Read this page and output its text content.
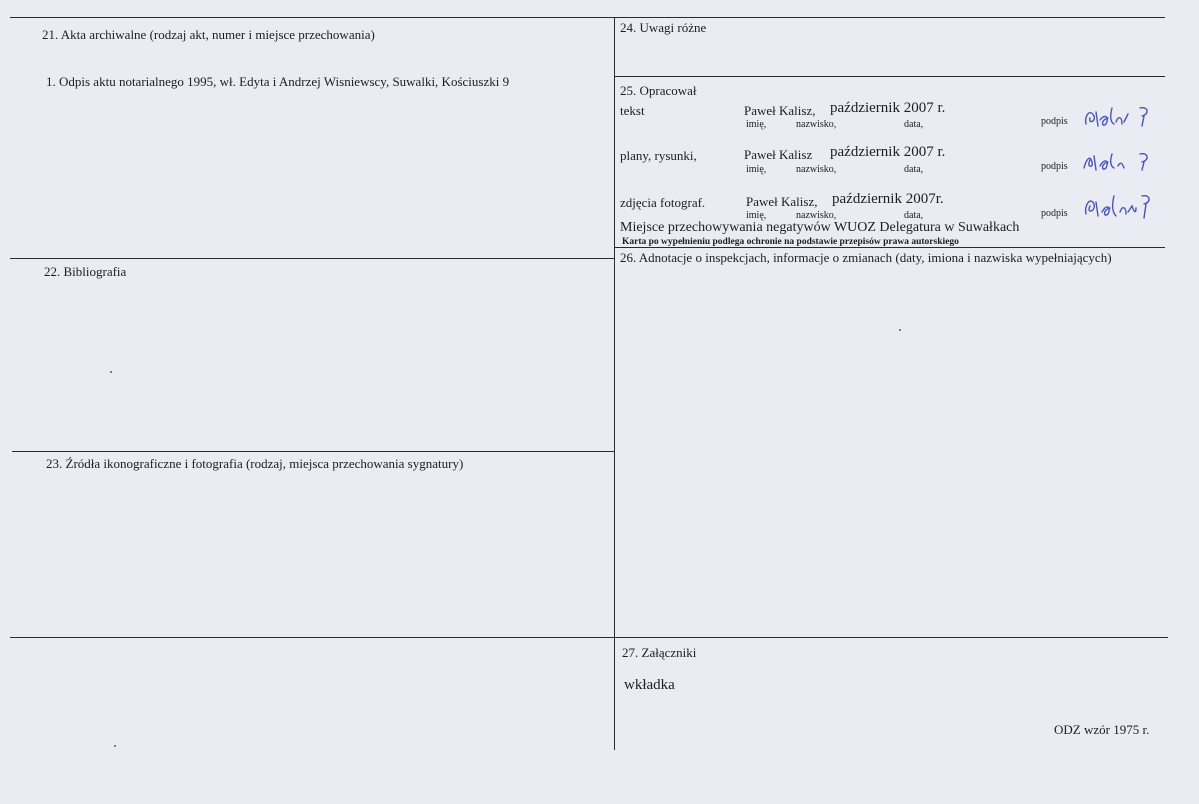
21. Akta archiwalne (rodzaj akt, numer i miejsce przechowania)
1. Odpis aktu notarialnego 1995, wł. Edyta i Andrzej Wisniewscy, Suwalki, Kościuszki 9
22. Bibliografia
23. Źródła ikonograficzne i fotografia (rodzaj, miejsca przechowania sygnatury)
24. Uwagi różne
25. Opracował
tekst	Paweł Kalisz, październik 2007 r.
imię,	nazwisko,	data,	podpis
plany, rysunki,	Paweł Kalisz październik 2007 r.
imię,	nazwisko,	data,	podpis
zdjęcia fotograf.	Paweł Kalisz, październik 2007r.
imię,	nazwisko,	data,	podpis
Miejsce przechowywania negatywów WUOZ Delegatura w Suwałkach
Karta po wypełnieniu podlega ochronie na podstawie przepisów prawa autorskiego
26. Adnotacje o inspekcjach, informacje o zmianach (daty, imiona i nazwiska wypełniających)
27. Załączniki
wkładka
ODZ wzór 1975 r.
